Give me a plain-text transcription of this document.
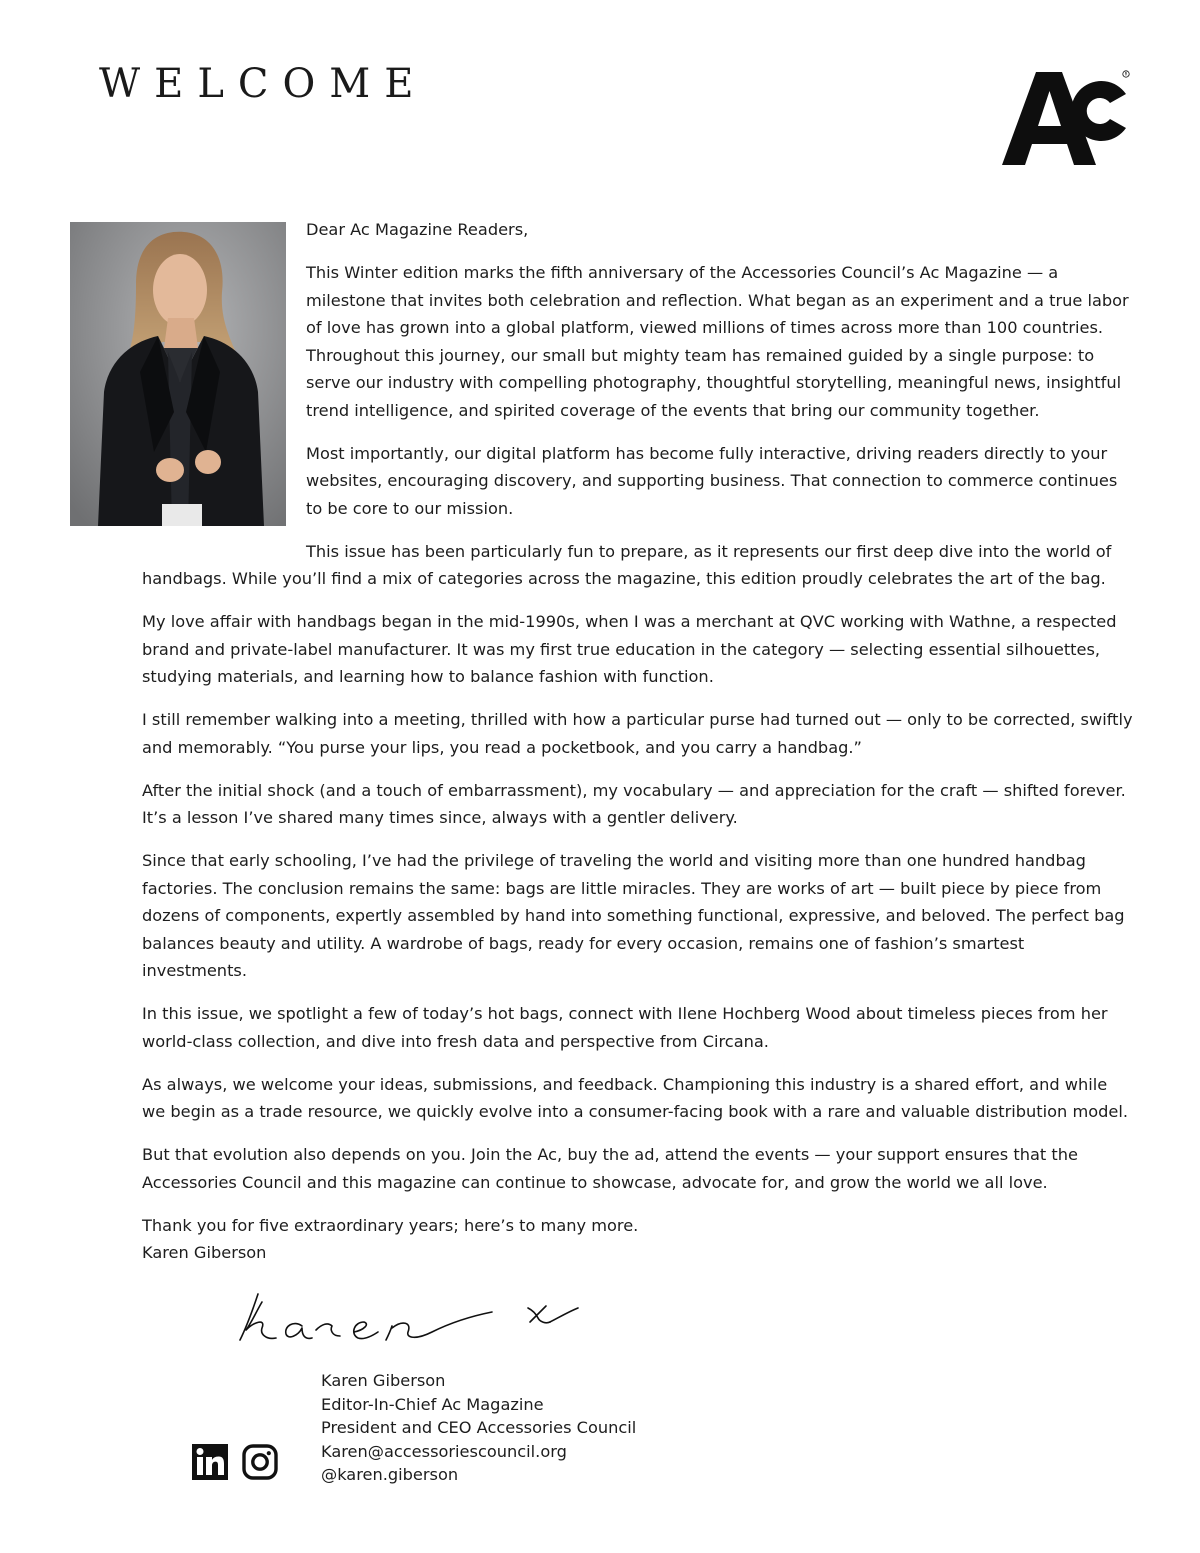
WELCOME	R

Dear Ac Magazine Readers,

This Winter edition marks the fifth anniversary of the Accessories Council’s Ac Magazine — a milestone that invites both celebration and reflection. What began as an experiment and a true labor of love has grown into a global platform, viewed millions of times across more than 100 countries. Throughout this journey, our small but mighty team has remained guided by a single purpose: to serve our industry with compelling photography, thoughtful storytelling, meaningful news, insightful trend intelligence, and spirited coverage of the events that bring our community together.

Most importantly, our digital platform has become fully interactive, driving readers directly to your websites, encouraging discovery, and supporting business. That connection to commerce continues to be core to our mission.

This issue has been particularly fun to prepare, as it represents our first deep dive into the world of handbags. While you’ll find a mix of categories across the magazine, this edition proudly celebrates the art of the bag.

My love affair with handbags began in the mid-1990s, when I was a merchant at QVC working with Wathne, a respected brand and private-label manufacturer. It was my first true education in the category — selecting essential silhouettes, studying materials, and learning how to balance fashion with function.

I still remember walking into a meeting, thrilled with how a particular purse had turned out — only to be corrected, swiftly and memorably. “You purse your lips, you read a pocketbook, and you carry a handbag.”

After the initial shock (and a touch of embarrassment), my vocabulary — and appreciation for the craft — shifted forever. It’s a lesson I’ve shared many times since, always with a gentler delivery.

Since that early schooling, I’ve had the privilege of traveling the world and visiting more than one hundred handbag factories. The conclusion remains the same: bags are little miracles. They are works of art — built piece by piece from dozens of components, expertly assembled by hand into something functional, expressive, and beloved. The perfect bag balances beauty and utility. A wardrobe of bags, ready for every occasion, remains one of fashion’s smartest investments.

In this issue, we spotlight a few of today’s hot bags, connect with Ilene Hochberg Wood about timeless pieces from her world-class collection, and dive into fresh data and perspective from Circana.

As always, we welcome your ideas, submissions, and feedback. Championing this industry is a shared effort, and while we begin as a trade resource, we quickly evolve into a consumer-facing book with a rare and valuable distribution model.

But that evolution also depends on you. Join the Ac, buy the ad, attend the events — your support ensures that the Accessories Council and this magazine can continue to showcase, advocate for, and grow the world we all love.

Thank you for five extraordinary years; here’s to many more.
Karen Giberson

Karen Giberson
Editor-In-Chief Ac Magazine
President and CEO Accessories Council
Karen@accessoriescouncil.org
@karen.giberson
